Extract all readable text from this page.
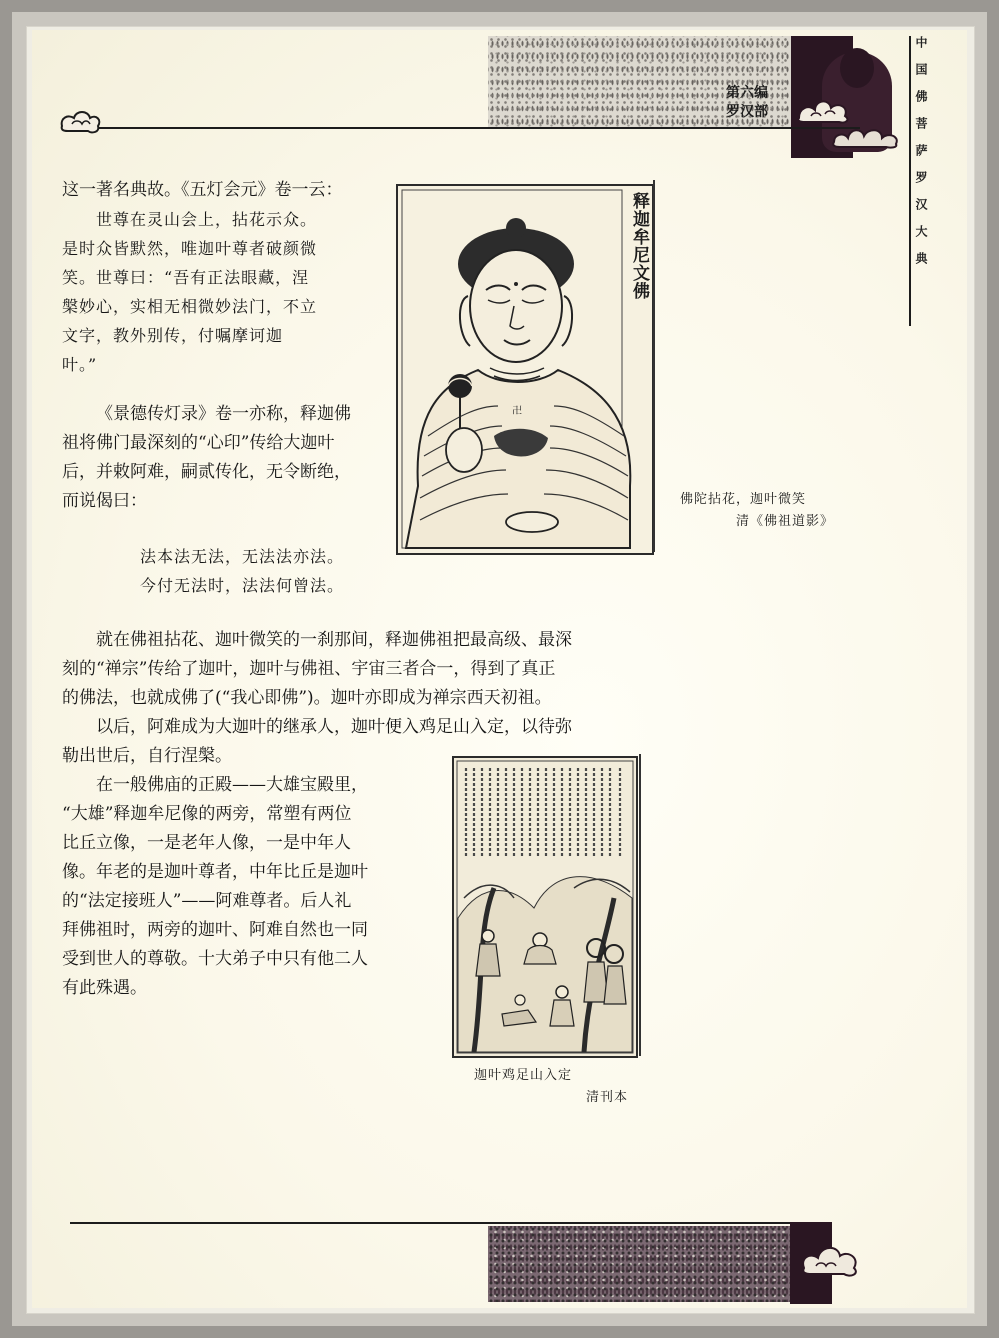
第六编
罗汉部	中国佛菩萨罗汉大典

这一著名典故。《五灯会元》卷一云：

世尊在灵山会上，拈花示众。

是时众皆默然，唯迦叶尊者破颜微

笑。世尊曰：“吾有正法眼藏，涅

槃妙心，实相无相微妙法门，不立

文字，教外别传，付嘱摩诃迦

叶。”

《景德传灯录》卷一亦称，释迦佛

祖将佛门最深刻的“心印”传给大迦叶

后，并敕阿难，嗣贰传化，无令断绝，

而说偈曰：

法本法无法，无法法亦法。

今付无法时，法法何曾法。

就在佛祖拈花、迦叶微笑的一刹那间，释迦佛祖把最高级、最深

刻的“禅宗”传给了迦叶，迦叶与佛祖、宇宙三者合一，得到了真正

的佛法，也就成佛了(“我心即佛”)。迦叶亦即成为禅宗西天初祖。

以后，阿难成为大迦叶的继承人，迦叶便入鸡足山入定，以待弥

勒出世后，自行涅槃。

在一般佛庙的正殿——大雄宝殿里，

“大雄”释迦牟尼像的两旁，常塑有两位

比丘立像，一是老年人像，一是中年人

像。年老的是迦叶尊者，中年比丘是迦叶

的“法定接班人”——阿难尊者。后人礼

拜佛祖时，两旁的迦叶、阿难自然也一同

受到世人的尊敬。十大弟子中只有他二人

有此殊遇。

卍
释迦牟尼文佛
佛陀拈花，迦叶微笑
清《佛祖道影》
迦叶鸡足山入定
清刊本
